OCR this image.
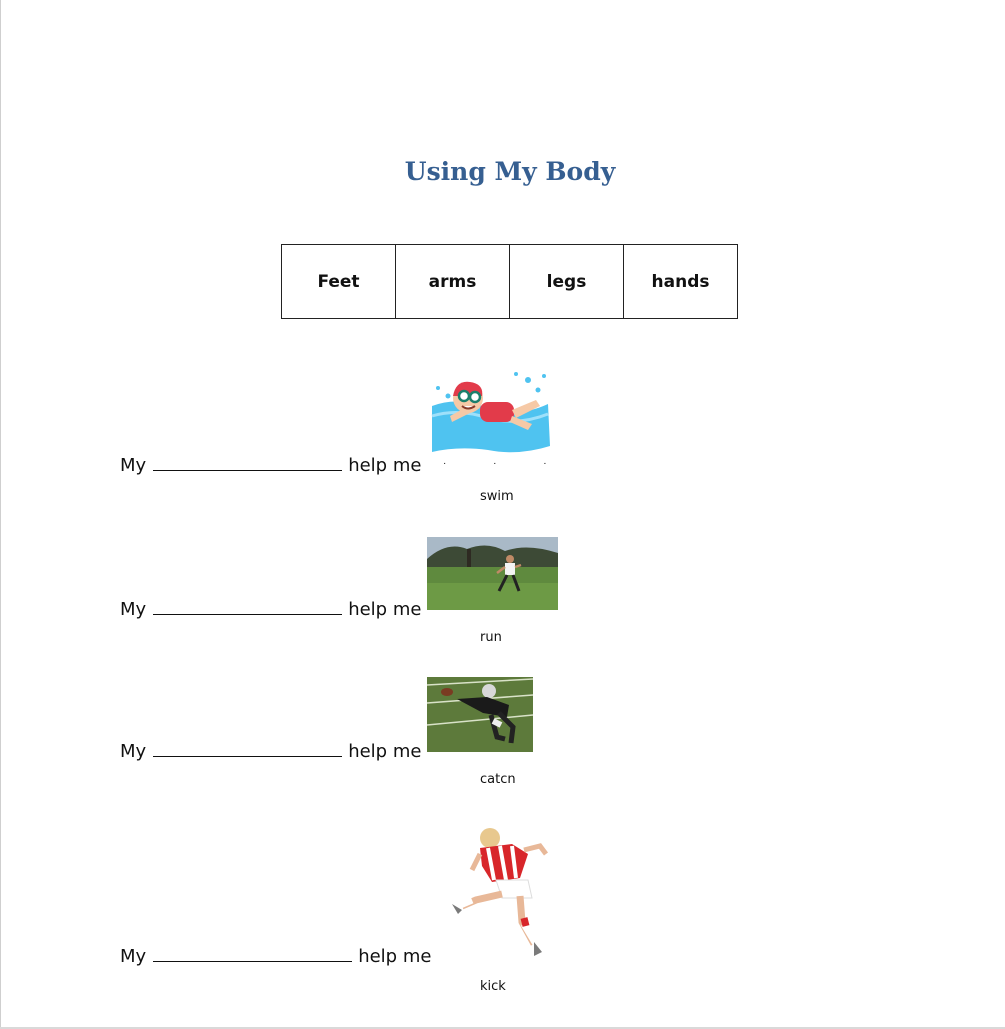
Using My Body
Feet	arms	legs	hands
My	help me · · ·
swim
My	help me
run
My	help me
catcn
My	help me
kick
